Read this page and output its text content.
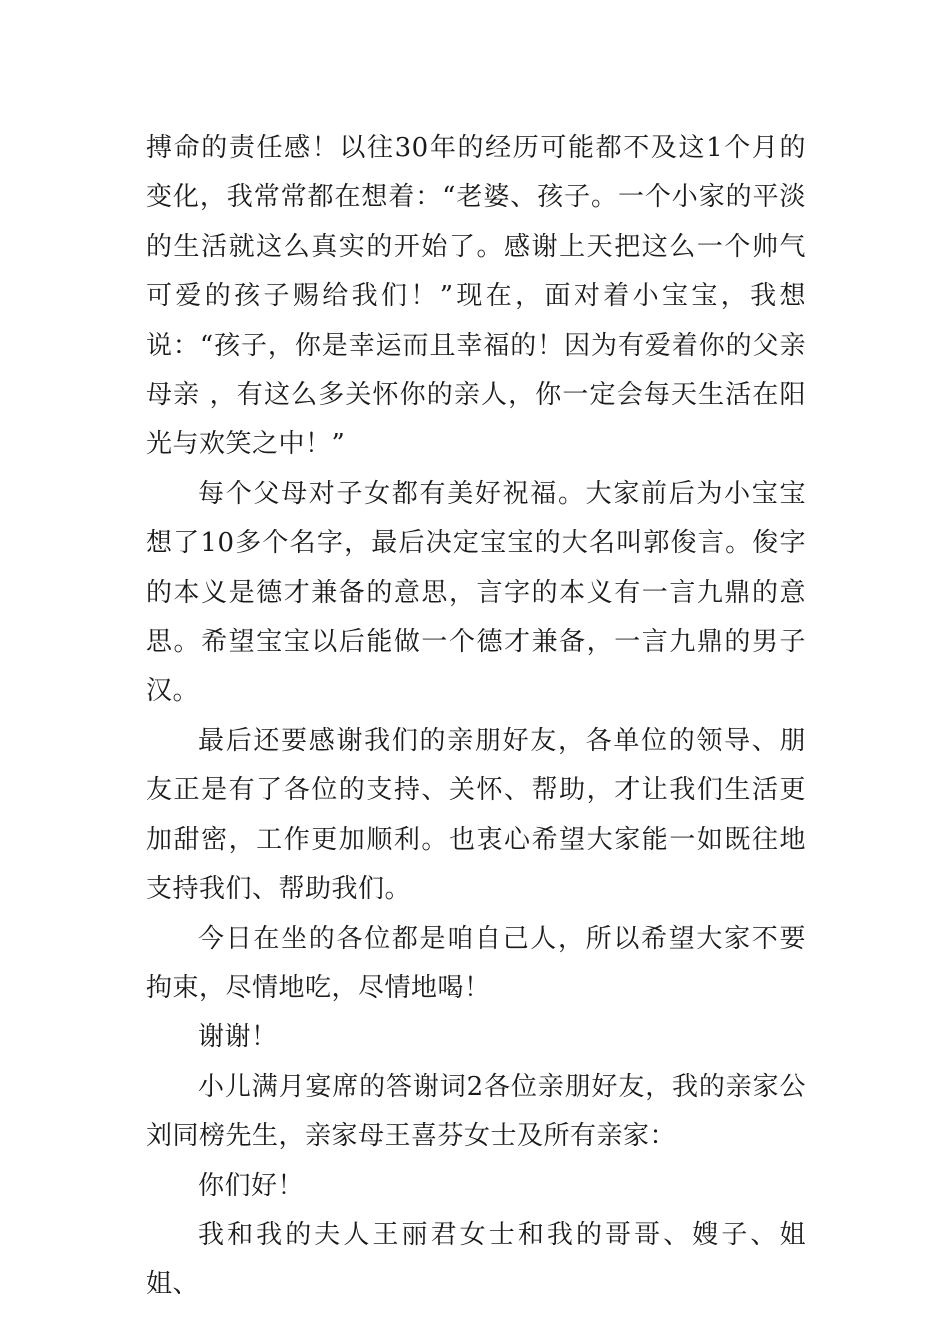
搏命的责任感！以往30年的经历可能都不及这1个月的变化，我常常都在想着：“老婆、孩子。一个小家的平淡的生活就这么真实的开始了。感谢上天把这么一个帅气可爱的孩子赐给我们！”现在，面对着小宝宝，我想说：“孩子，你是幸运而且幸福的！因为有爱着你的父亲母亲 ，有这么多关怀你的亲人，你一定会每天生活在阳光与欢笑之中！”

每个父母对子女都有美好祝福。大家前后为小宝宝想了10多个名字，最后决定宝宝的大名叫郭俊言。俊字的本义是德才兼备的意思，言字的本义有一言九鼎的意思。希望宝宝以后能做一个德才兼备，一言九鼎的男子汉。

最后还要感谢我们的亲朋好友，各单位的领导、朋友正是有了各位的支持、关怀、帮助，才让我们生活更加甜密，工作更加顺利。也衷心希望大家能一如既往地支持我们、帮助我们。

今日在坐的各位都是咱自己人，所以希望大家不要拘束，尽情地吃，尽情地喝！

谢谢！

小儿满月宴席的答谢词2各位亲朋好友，我的亲家公刘同榜先生，亲家母王喜芬女士及所有亲家：

你们好！

我和我的夫人王丽君女士和我的哥哥、嫂子、姐姐、
